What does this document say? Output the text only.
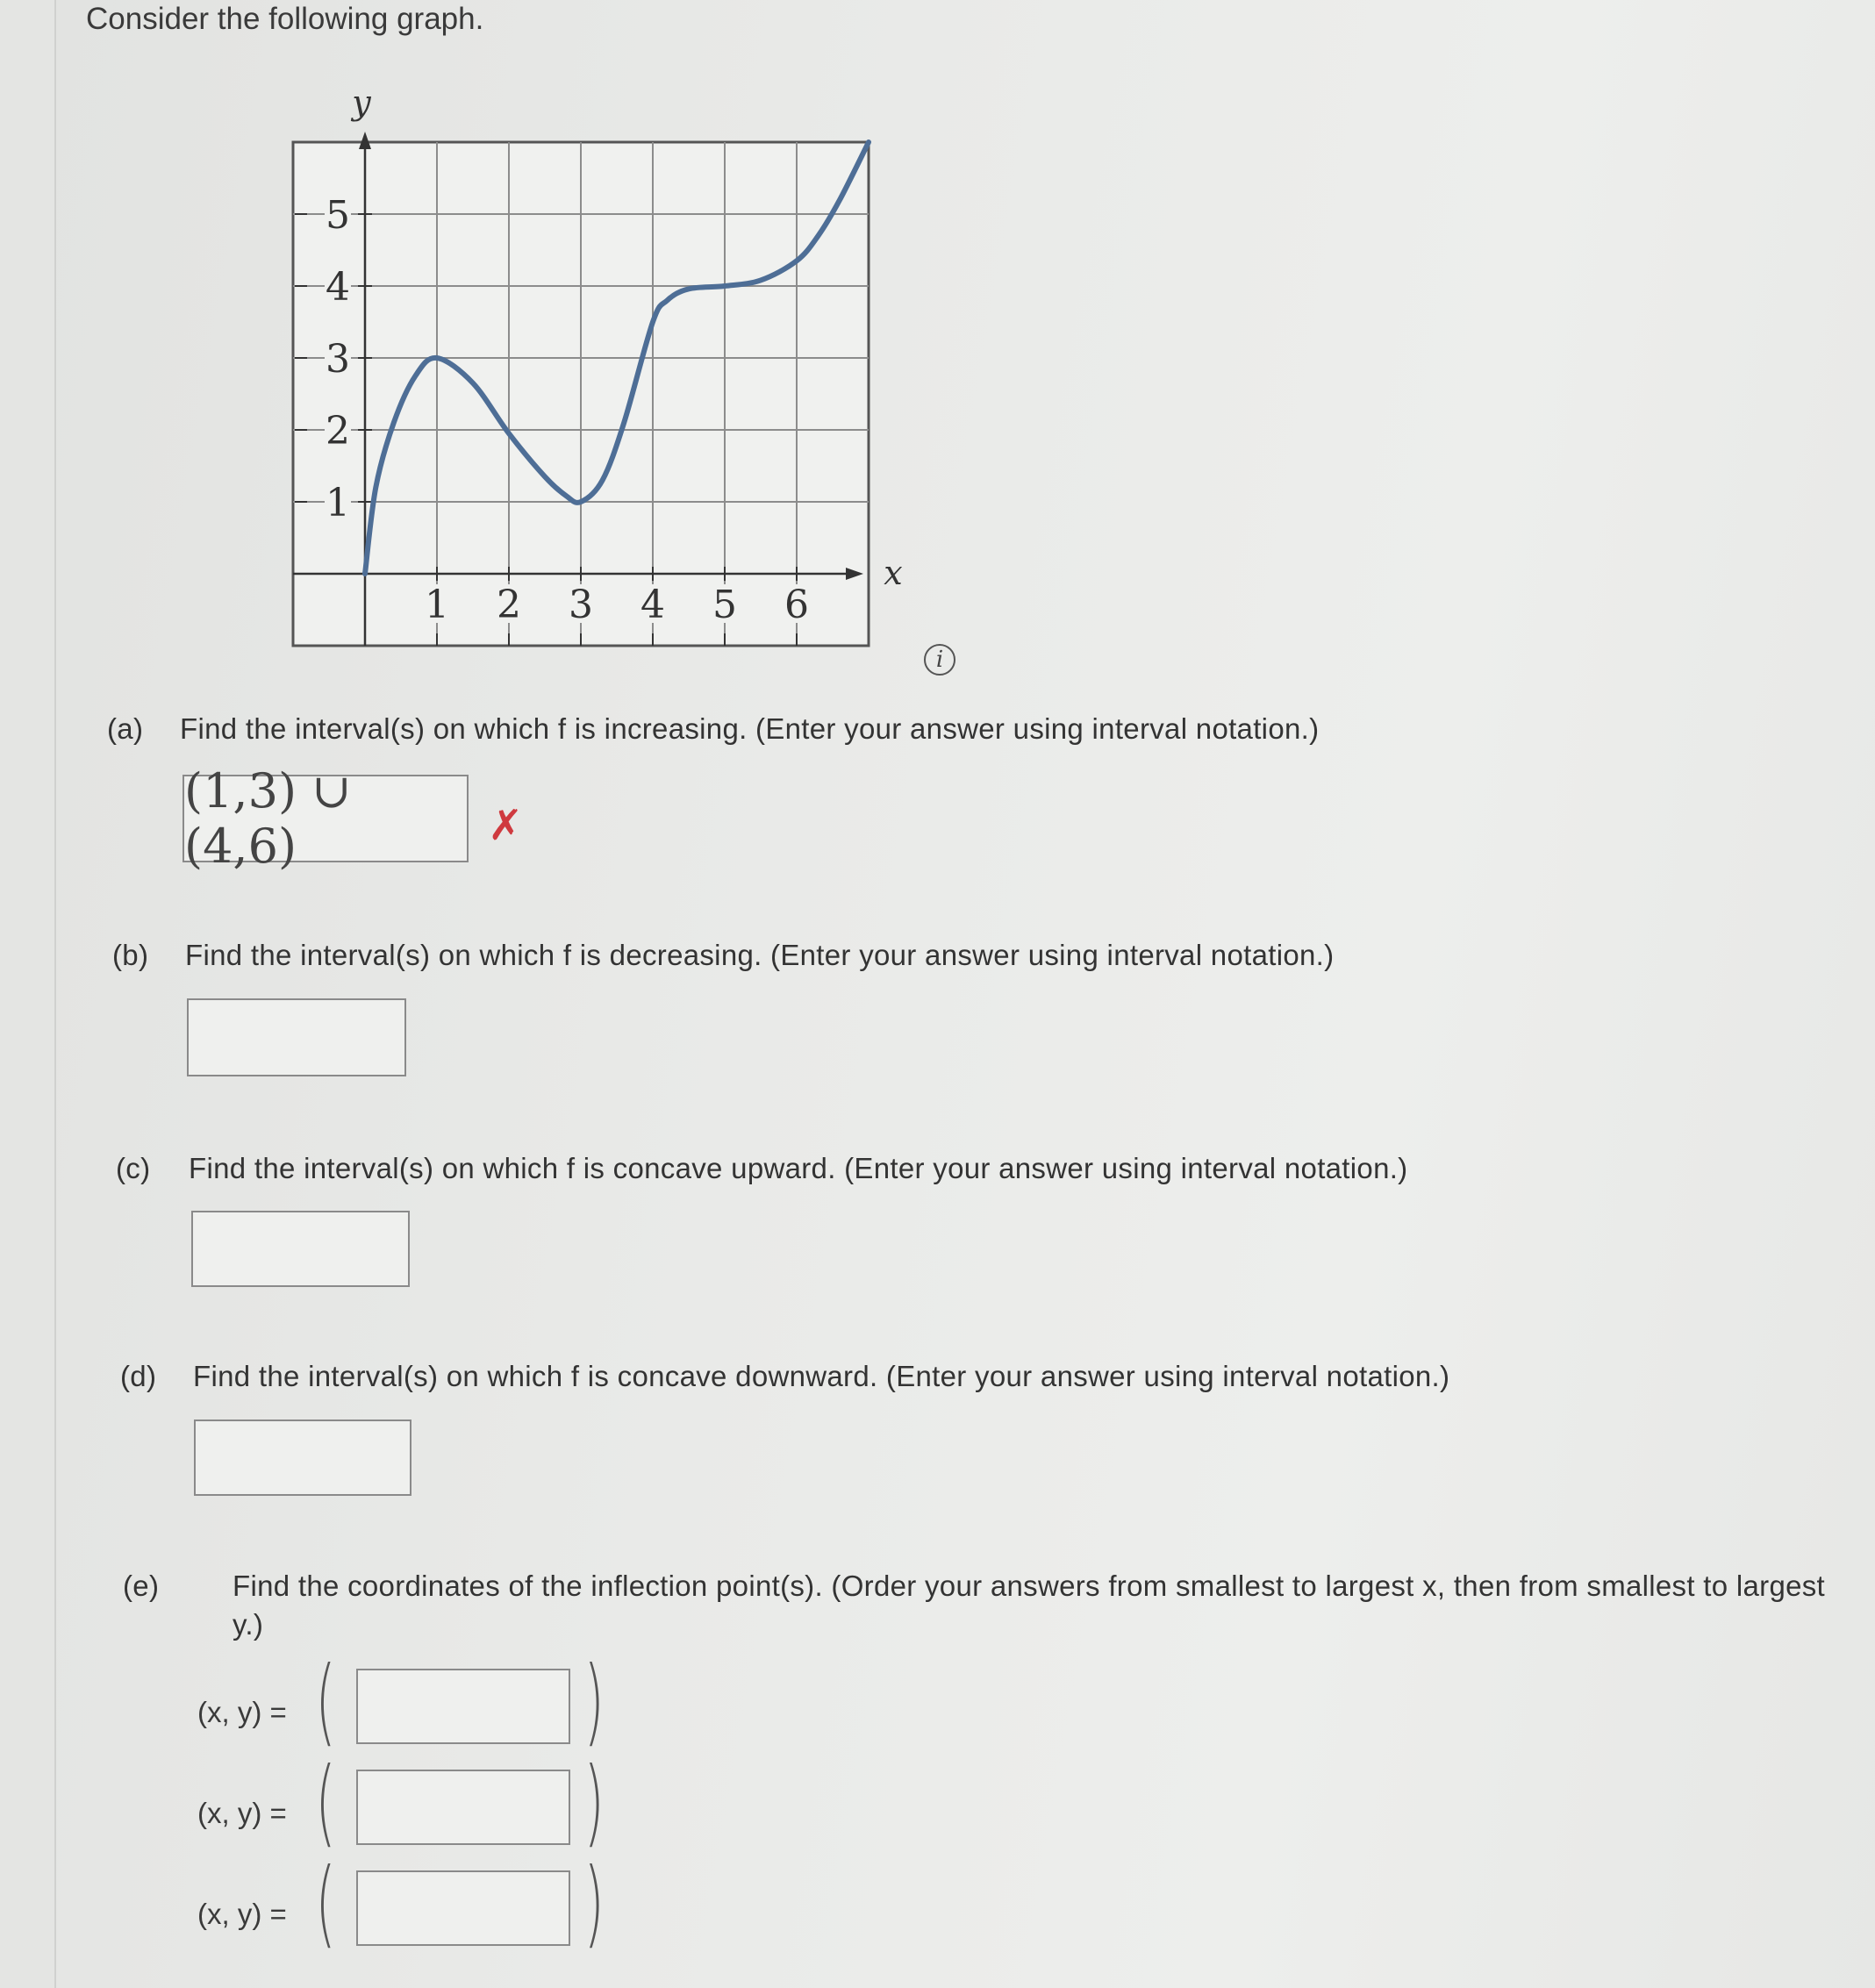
Consider the following graph.
x
y
1 2 3 4 5 6
1
2
3
4
5
i
(a) Find the interval(s) on which f is increasing. (Enter your answer using interval notation.)
(1,3) ∪ (4,6)	✗
(b) Find the interval(s) on which f is decreasing. (Enter your answer using interval notation.)
(c) Find the interval(s) on which f is concave upward. (Enter your answer using interval notation.)
(d) Find the interval(s) on which f is concave downward. (Enter your answer using interval notation.)
(e)	Find the coordinates of the inflection point(s). (Order your answers from smallest to largest x, then from smallest to largest y.)
(x, y) = (	)
(x, y) = (	)
(x, y) = (	)
